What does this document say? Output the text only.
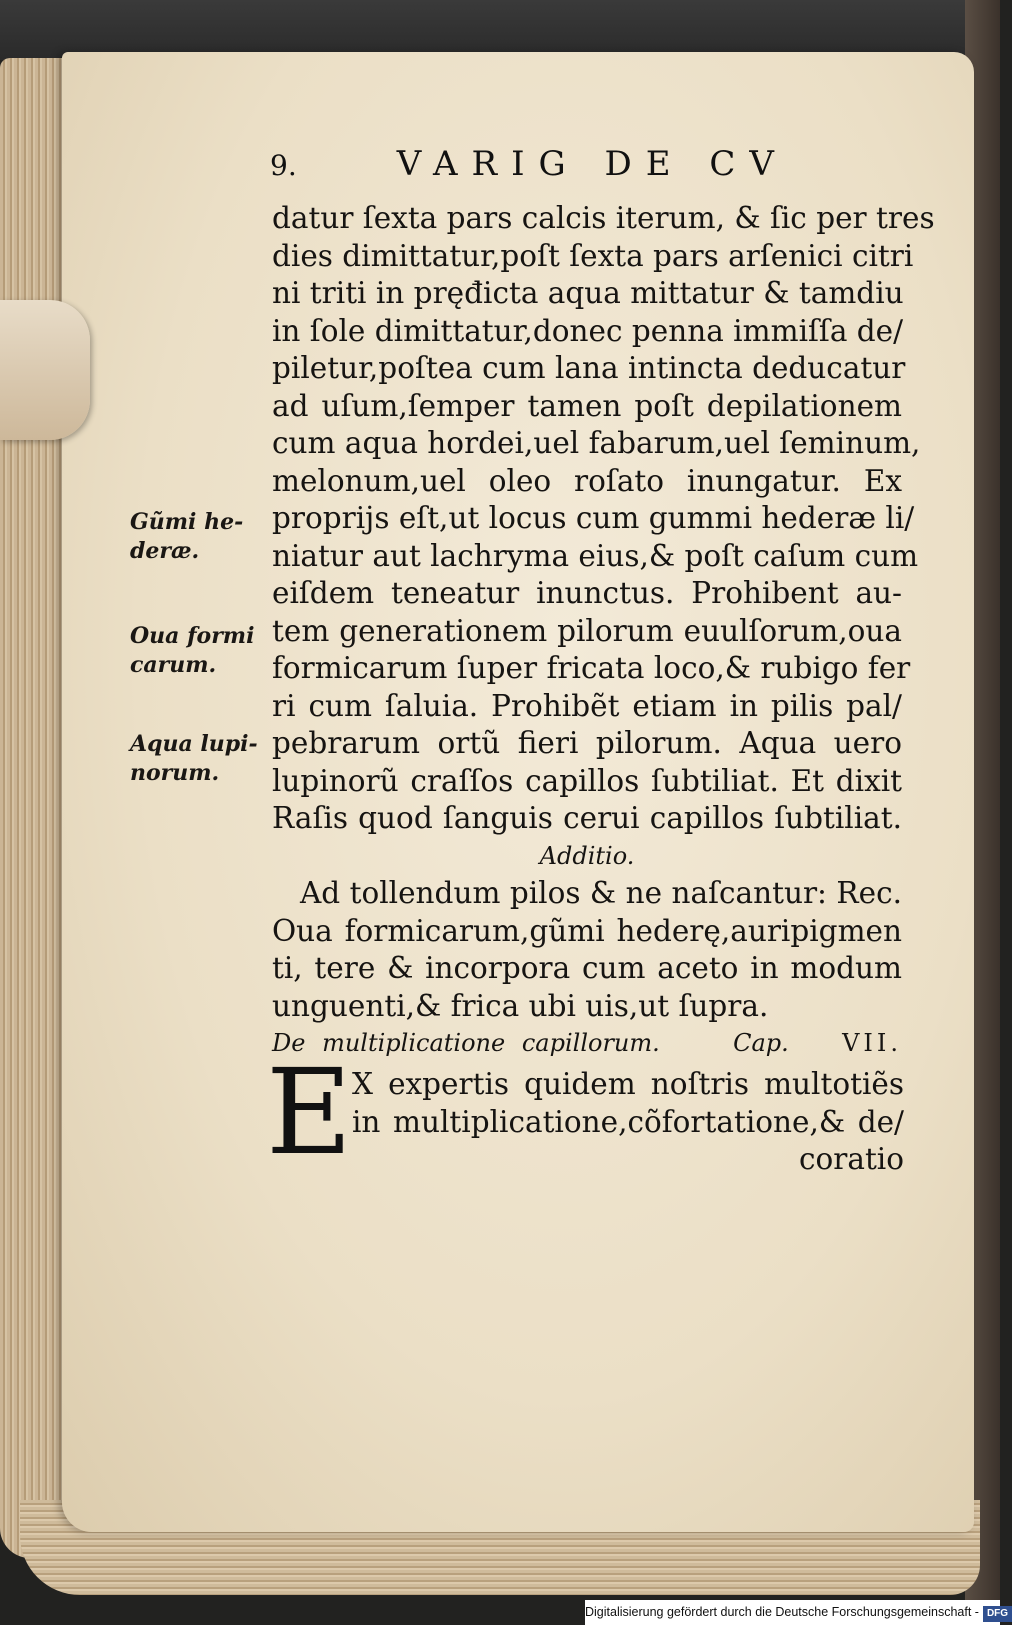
9.	VARIG DE CV
datur ſexta pars calcis iterum, & ſic per tres
dies dimittatur,poſt ſexta pars arſenici citri
ni triti in pręđicta aqua mittatur & tamdiu
in ſole dimittatur,donec penna immiſſa de/
piletur,poſtea cum lana intincta deducatur
ad uſum,ſemper tamen poſt depilationem
cum aqua hordei,uel fabarum,uel ſeminum,
melonum,uel oleo roſato inungatur. Ex
proprijs eſt,ut locus cum gummi hederæ li/
niatur aut lachryma eius,& poſt caſum cum
eiſdem teneatur inunctus. Prohibent au-
tem generationem pilorum euulſorum,oua
formicarum ſuper fricata loco,& rubigo fer
ri cum ſaluia. Prohibẽt etiam in pilis pal/
pebrarum ortũ fieri pilorum. Aqua uero
lupinorũ craſſos capillos ſubtiliat. Et dixit
Raſis quod ſanguis cerui capillos ſubtiliat.
Additio.
Ad tollendum pilos & ne naſcantur: Rec.
Oua formicarum,gũmi hederę,auripigmen
ti, tere & incorpora cum aceto in modum
unguenti,& frica ubi uis,ut ſupra.
De multiplicatione capillorum.	Cap. VII.
E X expertis quidem noſtris multotiẽs
in multiplicatione,cõfortatione,& de/
coratio
Gũmi he-
deræ.
Oua formi
carum.
Aqua lupi-
norum.
Digitalisierung gefördert durch die Deutsche Forschungsgemeinschaft - DFG
